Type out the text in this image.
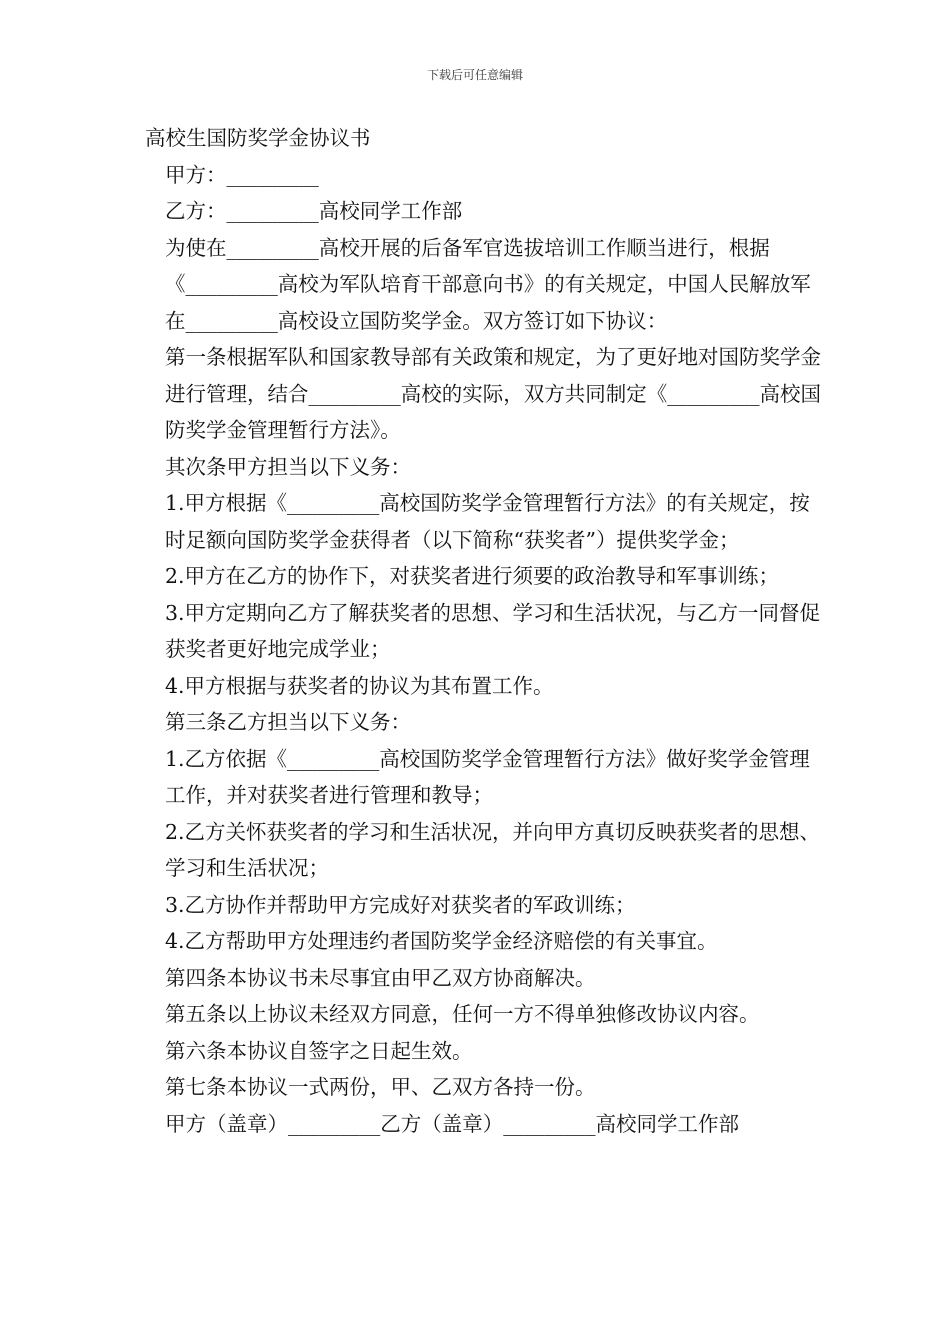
下载后可任意编辑

高校生国防奖学金协议书

甲方：_________

乙方：_________高校同学工作部

为使在_________高校开展的后备军官选拔培训工作顺当进行，根据《_________高校为军队培育干部意向书》的有关规定，中国人民解放军在_________高校设立国防奖学金。双方签订如下协议：

第一条根据军队和国家教导部有关政策和规定，为了更好地对国防奖学金进行管理，结合_________高校的实际，双方共同制定《_________高校国防奖学金管理暂行方法》。

其次条甲方担当以下义务：

1.甲方根据《_________高校国防奖学金管理暂行方法》的有关规定，按时足额向国防奖学金获得者（以下简称“获奖者”）提供奖学金；

2.甲方在乙方的协作下，对获奖者进行须要的政治教导和军事训练；

3.甲方定期向乙方了解获奖者的思想、学习和生活状况，与乙方一同督促获奖者更好地完成学业；

4.甲方根据与获奖者的协议为其布置工作。

第三条乙方担当以下义务：

1.乙方依据《_________高校国防奖学金管理暂行方法》做好奖学金管理工作，并对获奖者进行管理和教导；

2.乙方关怀获奖者的学习和生活状况，并向甲方真切反映获奖者的思想、学习和生活状况；

3.乙方协作并帮助甲方完成好对获奖者的军政训练；

4.乙方帮助甲方处理违约者国防奖学金经济赔偿的有关事宜。

第四条本协议书未尽事宜由甲乙双方协商解决。

第五条以上协议未经双方同意，任何一方不得单独修改协议内容。

第六条本协议自签字之日起生效。

第七条本协议一式两份，甲、乙双方各持一份。

甲方（盖章）_________乙方（盖章）_________高校同学工作部
